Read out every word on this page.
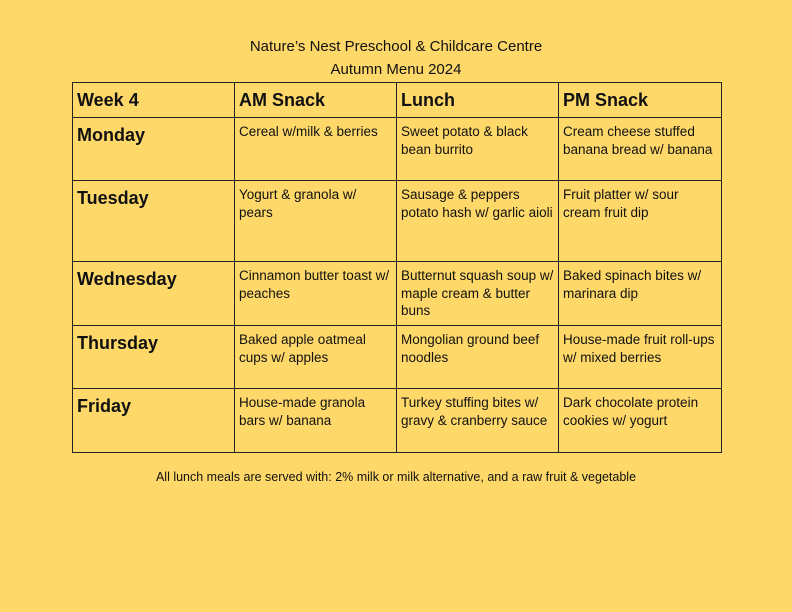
Nature’s Nest Preschool & Childcare Centre
Autumn Menu 2024
Week 4	AM Snack	Lunch	PM Snack
Monday	Cereal w/milk & berries	Sweet potato & black bean burrito	Cream cheese stuffed banana bread w/ banana
Tuesday	Yogurt & granola w/ pears	Sausage & peppers potato hash w/ garlic aioli	Fruit platter w/ sour cream fruit dip
Wednesday	Cinnamon butter toast w/ peaches	Butternut squash soup w/ maple cream & butter buns	Baked spinach bites w/ marinara dip
Thursday	Baked apple oatmeal cups w/ apples	Mongolian ground beef noodles	House-made fruit roll-ups w/ mixed berries
Friday	House-made granola bars w/ banana	Turkey stuffing bites w/ gravy & cranberry sauce	Dark chocolate protein cookies w/ yogurt
All lunch meals are served with: 2% milk or milk alternative, and a raw fruit & vegetable
